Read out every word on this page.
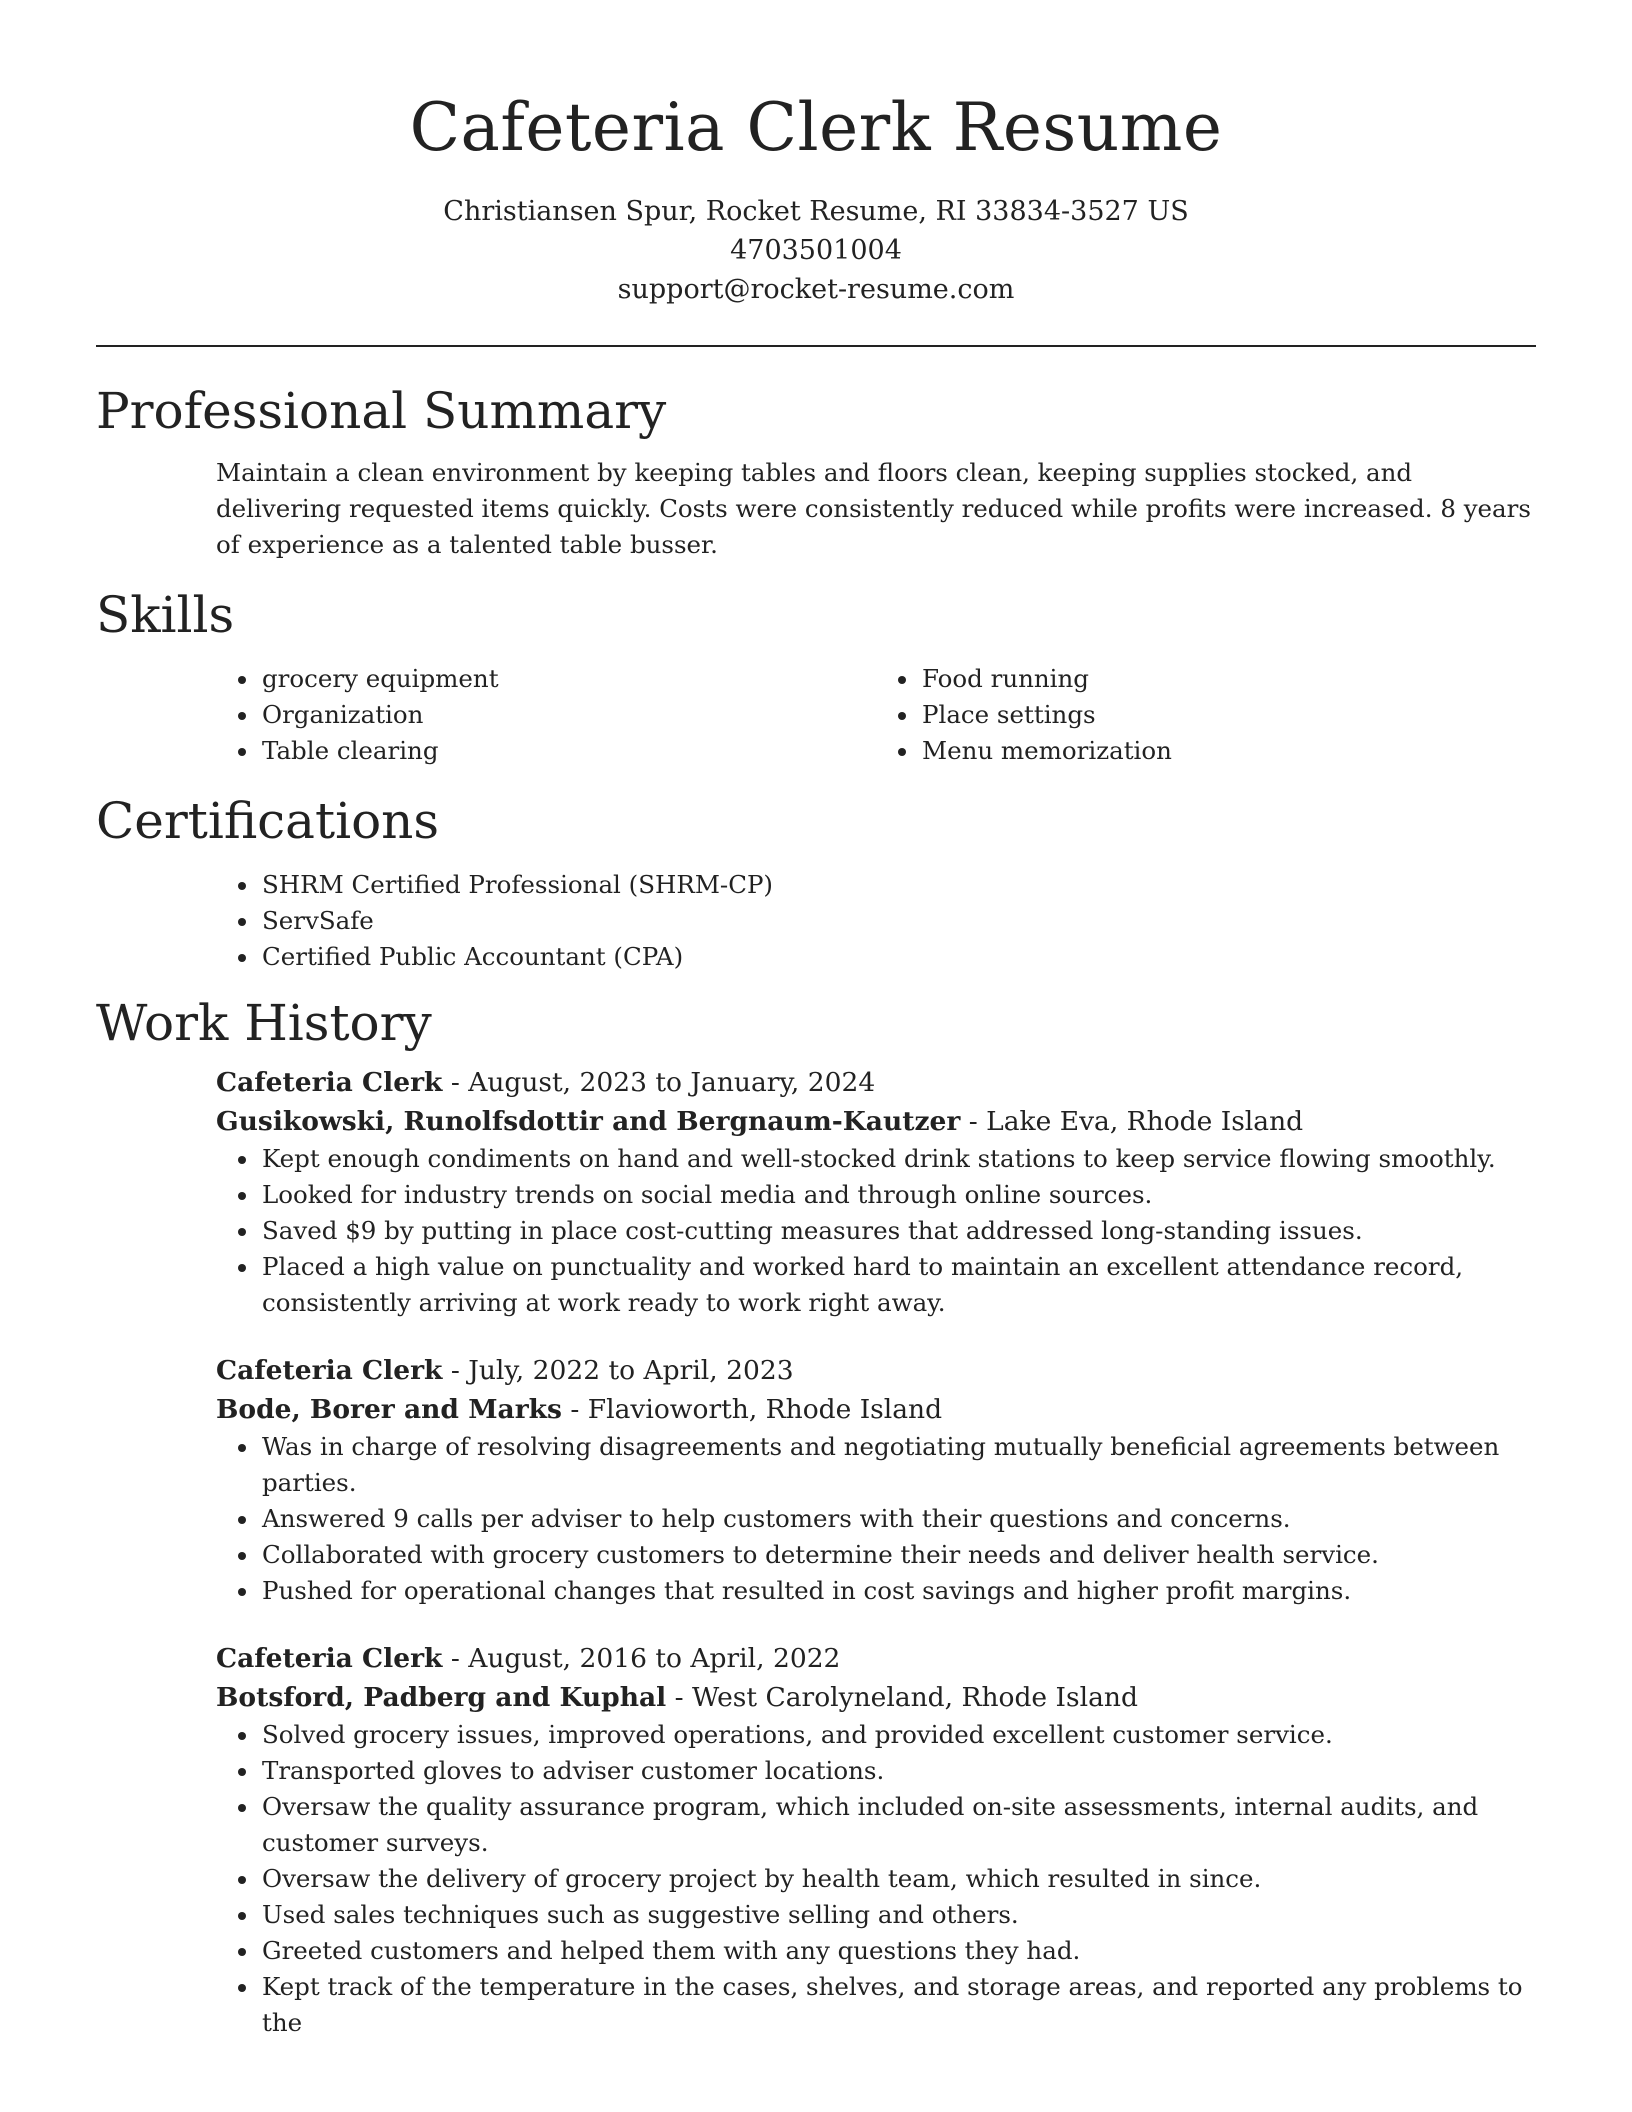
Cafeteria Clerk Resume
Christiansen Spur, Rocket Resume, RI 33834-3527 US
4703501004
support@rocket-resume.com
Professional Summary
Maintain a clean environment by keeping tables and floors clean, keeping supplies stocked, and delivering requested items quickly. Costs were consistently reduced while profits were increased. 8 years of experience as a talented table busser.
Skills
• grocery equipment
• Organization
• Table clearing
• Food running
• Place settings
• Menu memorization
Certifications
• SHRM Certified Professional (SHRM-CP)
• ServSafe
• Certified Public Accountant (CPA)
Work History
Cafeteria Clerk - August, 2023 to January, 2024
Gusikowski, Runolfsdottir and Bergnaum-Kautzer - Lake Eva, Rhode Island
• Kept enough condiments on hand and well-stocked drink stations to keep service flowing smoothly.
• Looked for industry trends on social media and through online sources.
• Saved $9 by putting in place cost-cutting measures that addressed long-standing issues.
• Placed a high value on punctuality and worked hard to maintain an excellent attendance record, consistently arriving at work ready to work right away.
Cafeteria Clerk - July, 2022 to April, 2023
Bode, Borer and Marks - Flavioworth, Rhode Island
• Was in charge of resolving disagreements and negotiating mutually beneficial agreements between parties.
• Answered 9 calls per adviser to help customers with their questions and concerns.
• Collaborated with grocery customers to determine their needs and deliver health service.
• Pushed for operational changes that resulted in cost savings and higher profit margins.
Cafeteria Clerk - August, 2016 to April, 2022
Botsford, Padberg and Kuphal - West Carolyneland, Rhode Island
• Solved grocery issues, improved operations, and provided excellent customer service.
• Transported gloves to adviser customer locations.
• Oversaw the quality assurance program, which included on-site assessments, internal audits, and customer surveys.
• Oversaw the delivery of grocery project by health team, which resulted in since.
• Used sales techniques such as suggestive selling and others.
• Greeted customers and helped them with any questions they had.
• Kept track of the temperature in the cases, shelves, and storage areas, and reported any problems to the
